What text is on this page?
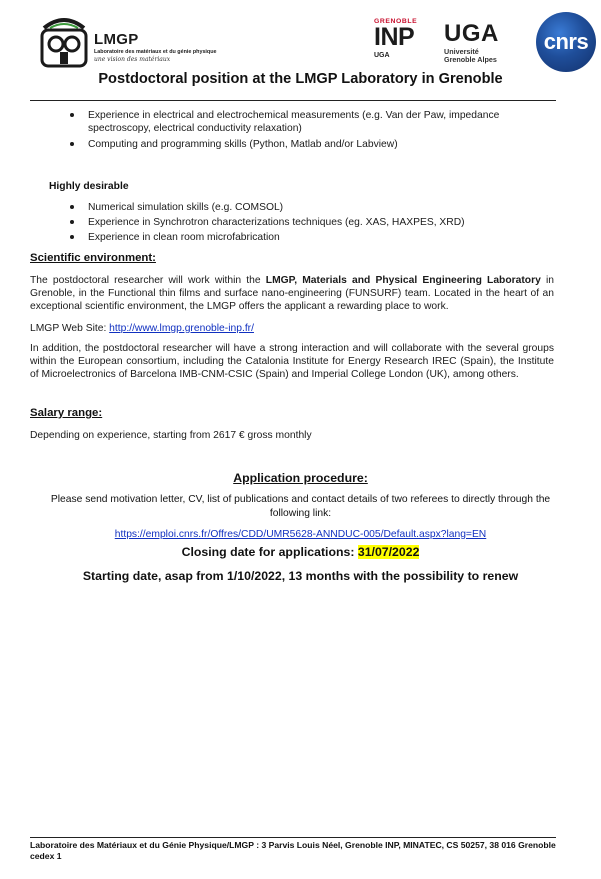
LMGP
Laboratoire des matériaux et du génie physique
une vision des matériaux
GRENOBLE
INP
UGA
UGA
Université
Grenoble Alpes
cnrs
Postdoctoral position at the LMGP Laboratory in Grenoble
Experience in electrical and electrochemical measurements (e.g. Van der Paw, impedance spectroscopy, electrical conductivity relaxation)
Computing and programming skills (Python, Matlab and/or Labview)
Highly desirable
Numerical simulation skills (e.g. COMSOL)
Experience in Synchrotron characterizations techniques (eg. XAS, HAXPES, XRD)
Experience in clean room microfabrication
Scientific environment:
The postdoctoral researcher will work within the LMGP, Materials and Physical Engineering Laboratory in Grenoble, in the Functional thin films and surface nano-engineering (FUNSURF) team. Located in the heart of an exceptional scientific environment, the LMGP offers the applicant a rewarding place to work.
LMGP Web Site: http://www.lmgp.grenoble-inp.fr/
In addition, the postdoctoral researcher will have a strong interaction and will collaborate with the several groups within the European consortium, including the Catalonia Institute for Energy Research IREC (Spain), the Institute of Microelectronics of Barcelona IMB-CNM-CSIC (Spain) and Imperial College London (UK), among others.
Salary range:
Depending on experience, starting from 2617 € gross monthly
Application procedure:
Please send motivation letter, CV, list of publications and contact details of two referees to directly through the following link:
https://emploi.cnrs.fr/Offres/CDD/UMR5628-ANNDUC-005/Default.aspx?lang=EN
Closing date for applications: 31/07/2022
Starting date, asap from 1/10/2022, 13 months with the possibility to renew
Laboratoire des Matériaux et du Génie Physique/LMGP : 3 Parvis Louis Néel, Grenoble INP, MINATEC, CS 50257, 38 016 Grenoble cedex 1
